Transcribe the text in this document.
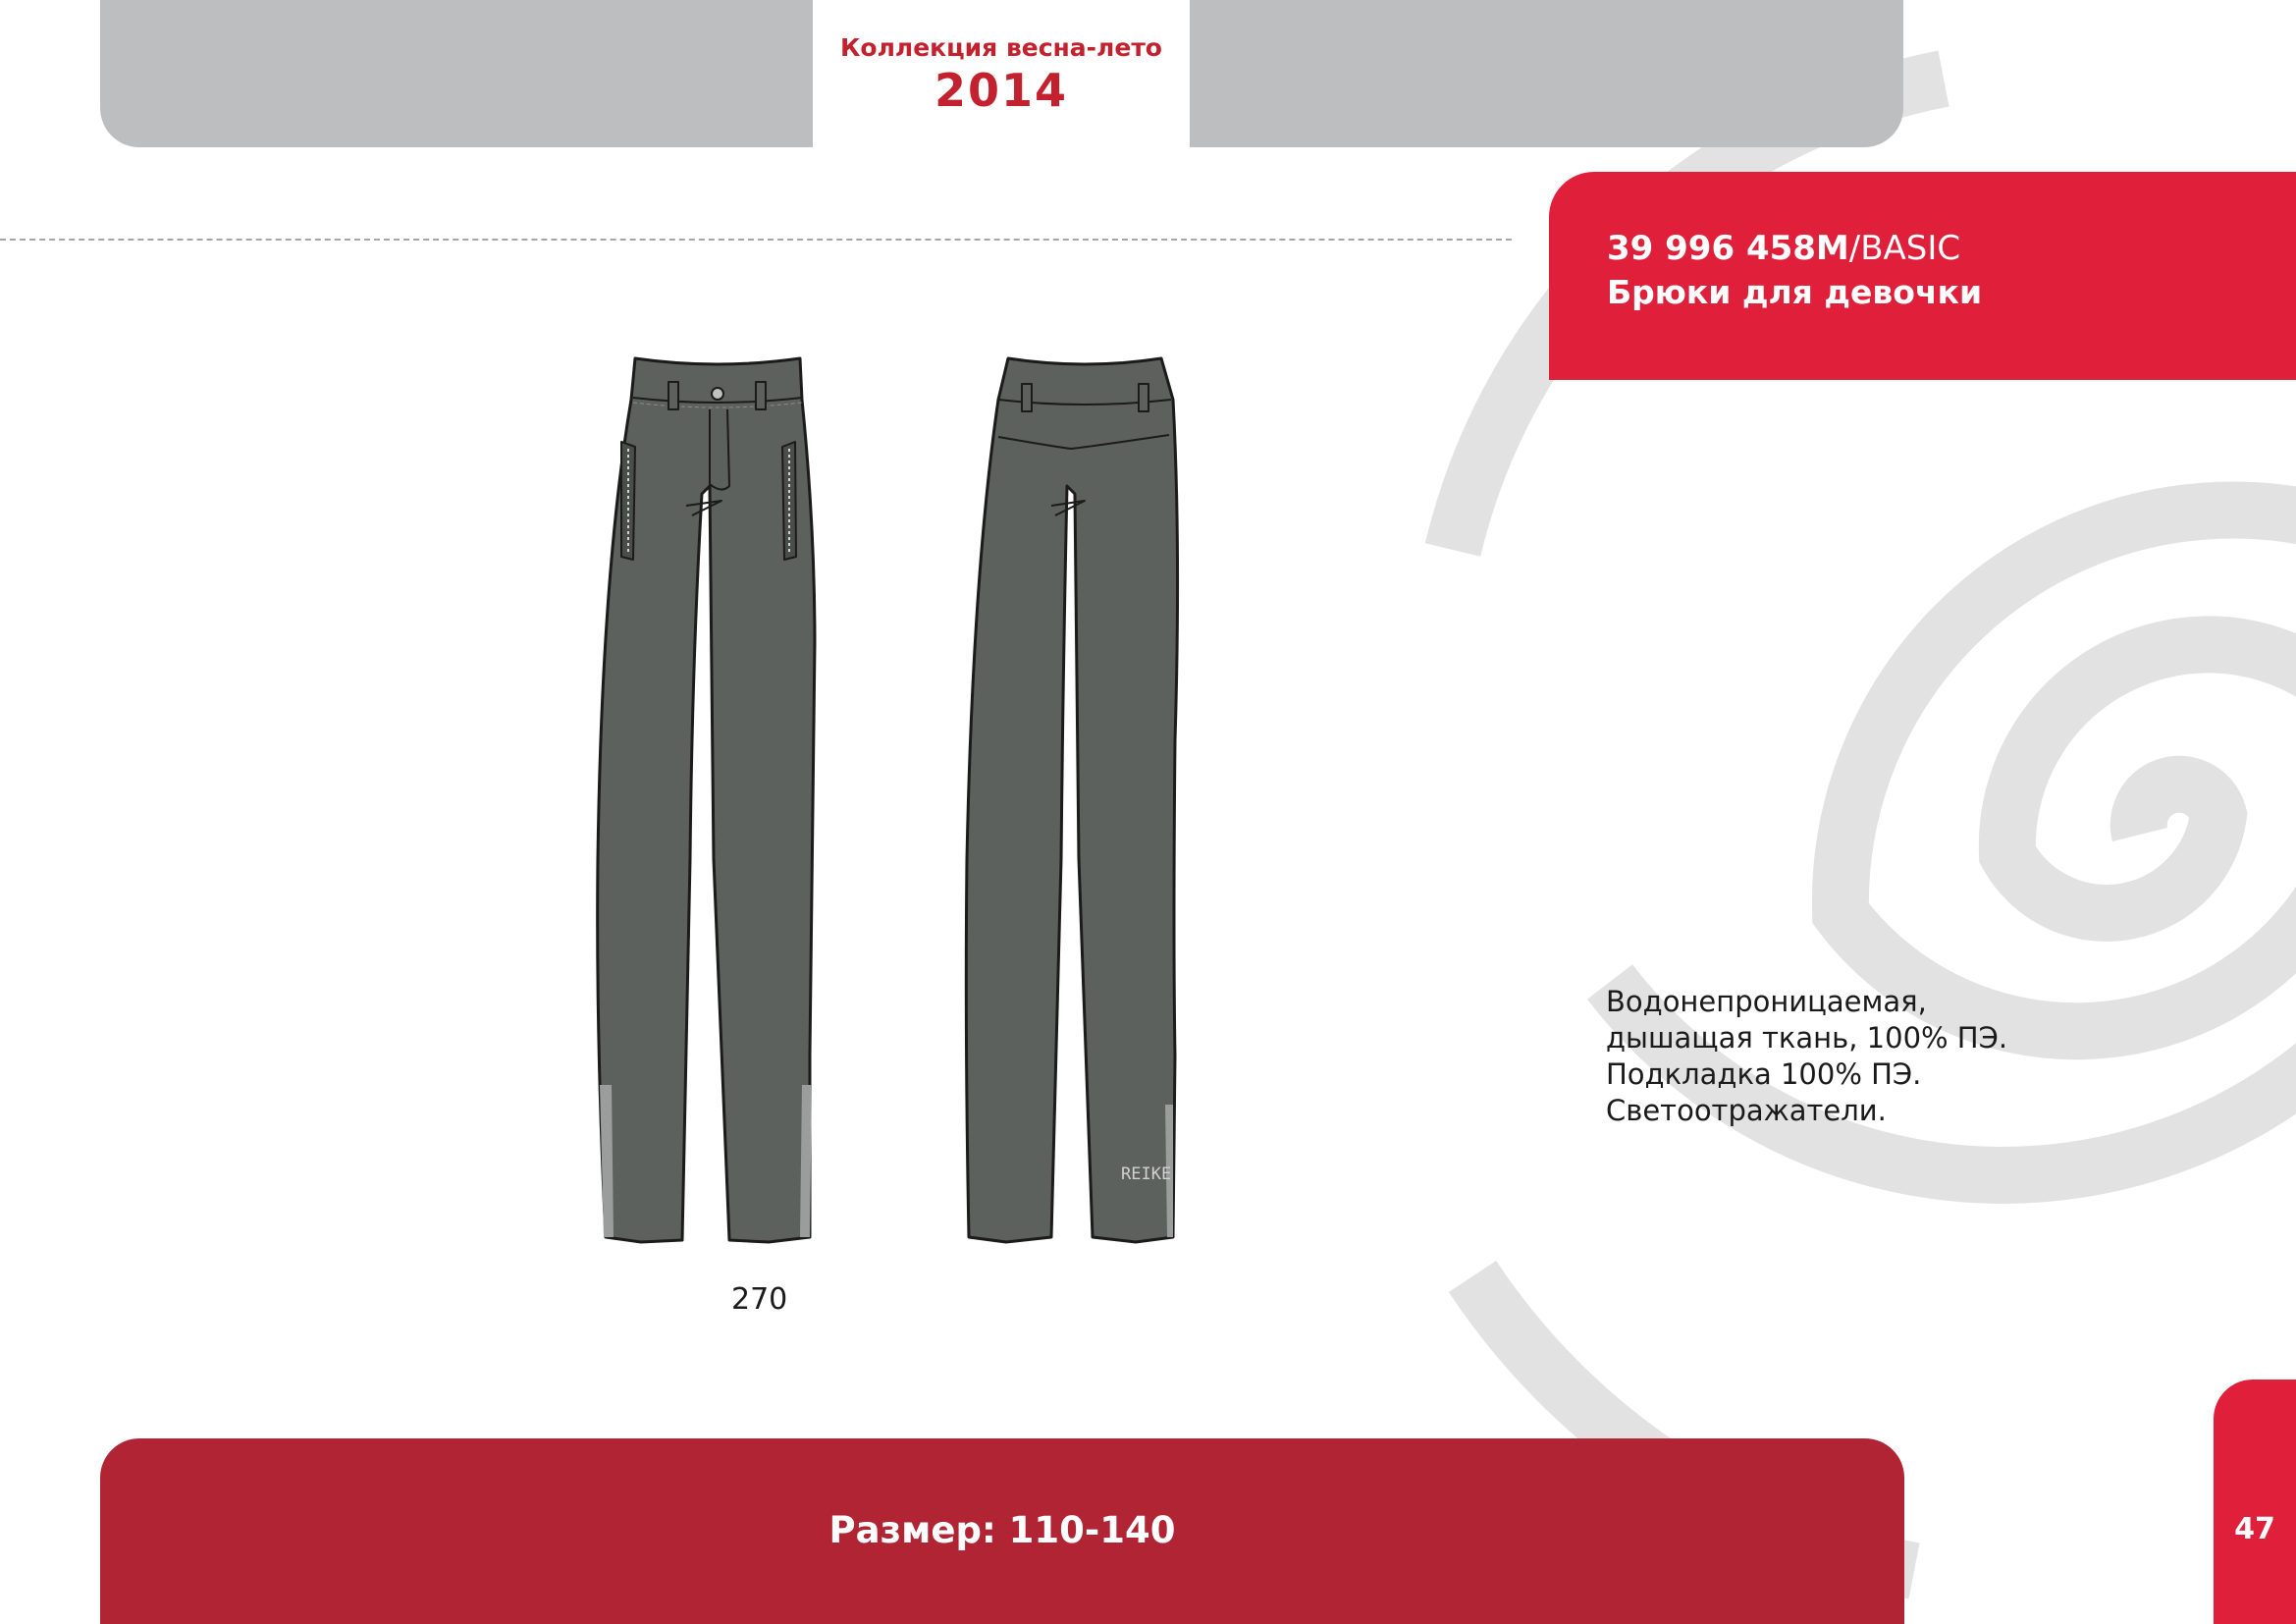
Коллекция весна-лето
2014
39 996 458M/BASIC
Брюки для девочки
Водонепроницаемая,
дышащая ткань, 100% ПЭ.
Подкладка 100% ПЭ.
Светоотражатели.
REIKE
270
Размер: 110-140	47
